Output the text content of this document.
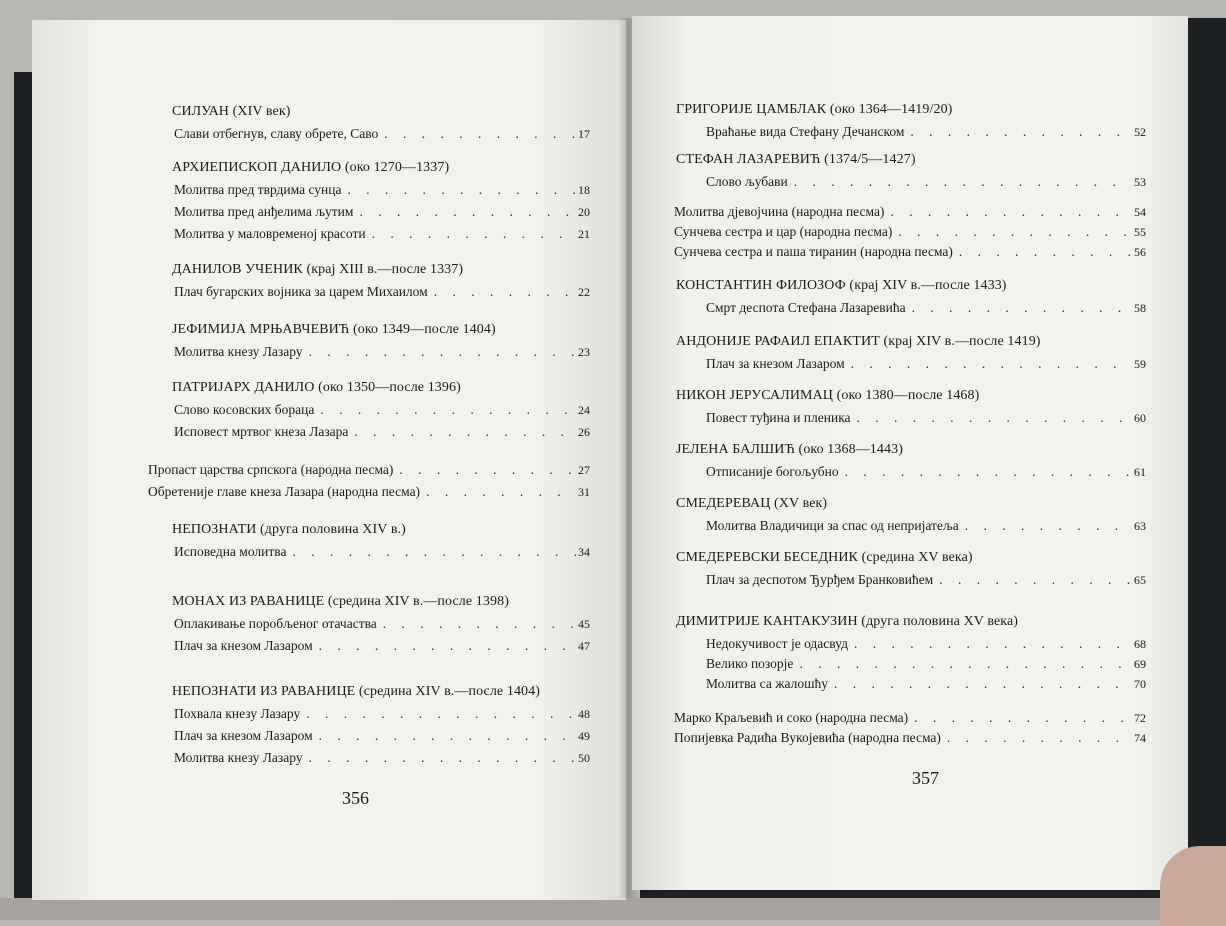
СИЛУАН (XIV век)
Слави отбегнув, славу обрете, Саво . . .	17
АРХИЕПИСКОП ДАНИЛО (око 1270—1337)
Молитва пред тврдима сунца . . .	18
Молитва пред анђелима љутим . . .	20
Молитва у маловременој красоти . . .	21
ДАНИЛОВ УЧЕНИК (крај XIII в.—после 1337)
Плач бугарских војника за царем Михаилом . . .	22
ЈЕФИМИЈА МРЊАВЧЕВИЋ (око 1349—после 1404)
Молитва кнезу Лазару . . .	23
ПАТРИЈАРХ ДАНИЛО (око 1350—после 1396)
Слово косовских бораца . . .	24
Исповест мртвог кнеза Лазара . . .	26
Пропаст царства српскога (народна песма) . . .	27
Обретеније главе кнеза Лазара (народна песма) . . .	31
НЕПОЗНАТИ (друга половина XIV в.)
Исповедна молитва . . .	34
МОНАХ ИЗ РАВАНИЦЕ (средина XIV в.—после 1398)
Оплакивање поробљеног отачаства . . .	45
Плач за кнезом Лазаром . . .	47
НЕПОЗНАТИ ИЗ РАВАНИЦЕ (средина XIV в.—после 1404)
Похвала кнезу Лазару . . .	48
Плач за кнезом Лазаром . . .	49
Молитва кнезу Лазару . . .	50
356
ГРИГОРИЈЕ ЦАМБЛАК (око 1364—1419/20)
Враћање вида Стефану Дечанском . . .	52
СТЕФАН ЛАЗАРЕВИЋ (1374/5—1427)
Слово љубави . . .	53
Молитва дјевојчина (народна песма) . . .	54
Сунчева сестра и цар (народна песма) . . .	55
Сунчева сестра и паша тиранин (народна песма) . . .	56
КОНСТАНТИН ФИЛОЗОФ (крај XIV в.—после 1433)
Смрт деспота Стефана Лазаревића . . .	58
АНДОНИЈЕ РАФАИЛ ЕПАКТИТ (крај XIV в.—после 1419)
Плач за кнезом Лазаром . . .	59
НИКОН ЈЕРУСАЛИМАЦ (око 1380—после 1468)
Повест туђина и пленика . . .	60
ЈЕЛЕНА БАЛШИЋ (око 1368—1443)
Отписаније богољубно . . .	61
СМЕДЕРЕВАЦ (XV век)
Молитва Владичици за спас од непријатеља . . .	63
СМЕДЕРЕВСКИ БЕСЕДНИК (средина XV века)
Плач за деспотом Ђурђем Бранковићем . . .	65
ДИМИТРИЈЕ КАНТАКУЗИН (друга половина XV века)
Недокучивост је одасвуд . . .	68
Велико позорје . . .	69
Молитва са жалошћу . . .	70
Марко Краљевић и соко (народна песма) . . .	72
Попијевка Радића Вукојевића (народна песма) . . .	74
357
